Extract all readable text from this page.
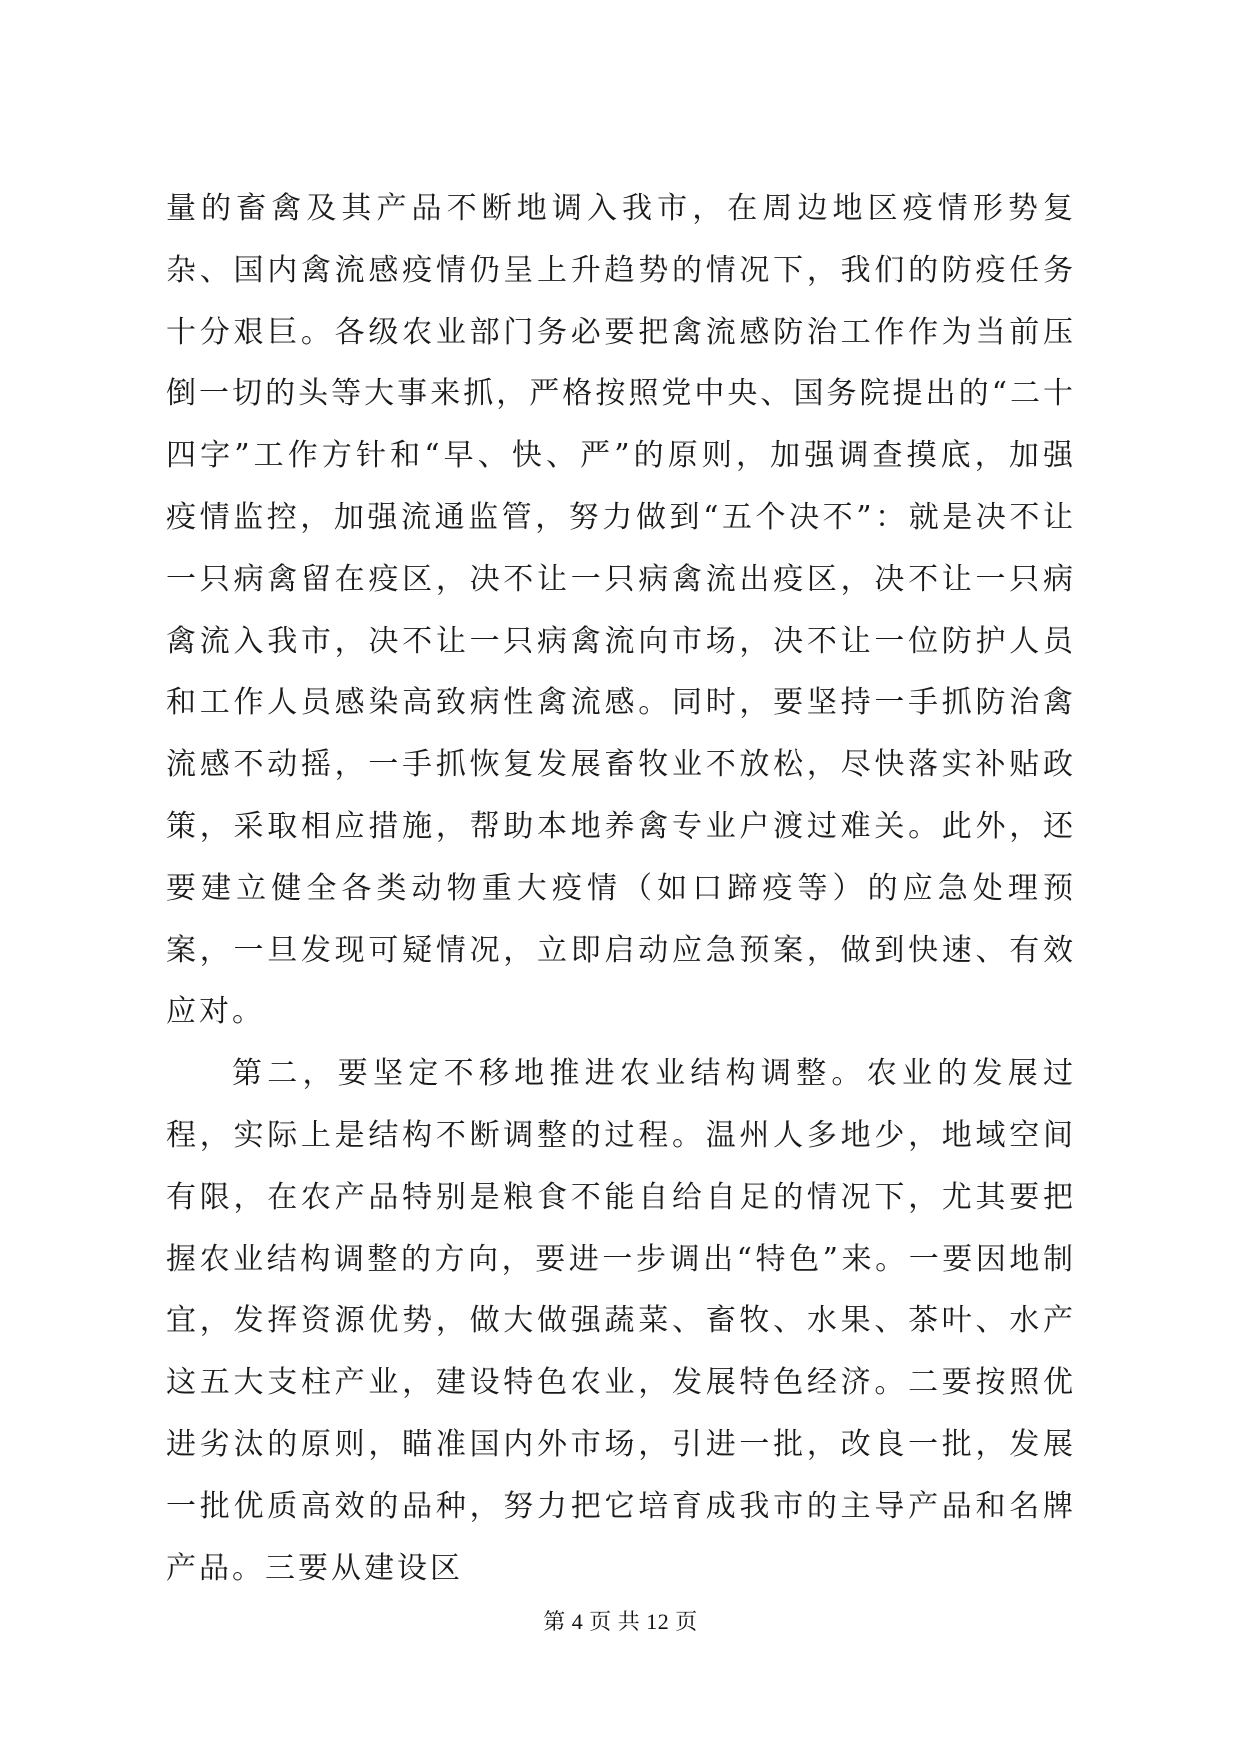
量的畜禽及其产品不断地调入我市，在周边地区疫情形势复杂、国内禽流感疫情仍呈上升趋势的情况下，我们的防疫任务十分艰巨。各级农业部门务必要把禽流感防治工作作为当前压倒一切的头等大事来抓，严格按照党中央、国务院提出的“二十四字”工作方针和“早、快、严”的原则，加强调查摸底，加强疫情监控，加强流通监管，努力做到“五个决不”：就是决不让一只病禽留在疫区，决不让一只病禽流出疫区，决不让一只病禽流入我市，决不让一只病禽流向市场，决不让一位防护人员和工作人员感染高致病性禽流感。同时，要坚持一手抓防治禽流感不动摇，一手抓恢复发展畜牧业不放松，尽快落实补贴政策，采取相应措施，帮助本地养禽专业户渡过难关。此外，还要建立健全各类动物重大疫情（如口蹄疫等）的应急处理预案，一旦发现可疑情况，立即启动应急预案，做到快速、有效应对。

第二，要坚定不移地推进农业结构调整。农业的发展过程，实际上是结构不断调整的过程。温州人多地少，地域空间有限，在农产品特别是粮食不能自给自足的情况下，尤其要把握农业结构调整的方向，要进一步调出“特色”来。一要因地制宜，发挥资源优势，做大做强蔬菜、畜牧、水果、茶叶、水产这五大支柱产业，建设特色农业，发展特色经济。二要按照优进劣汰的原则，瞄准国内外市场，引进一批，改良一批，发展一批优质高效的品种，努力把它培育成我市的主导产品和名牌产品。三要从建设区

第 4 页 共 12 页
